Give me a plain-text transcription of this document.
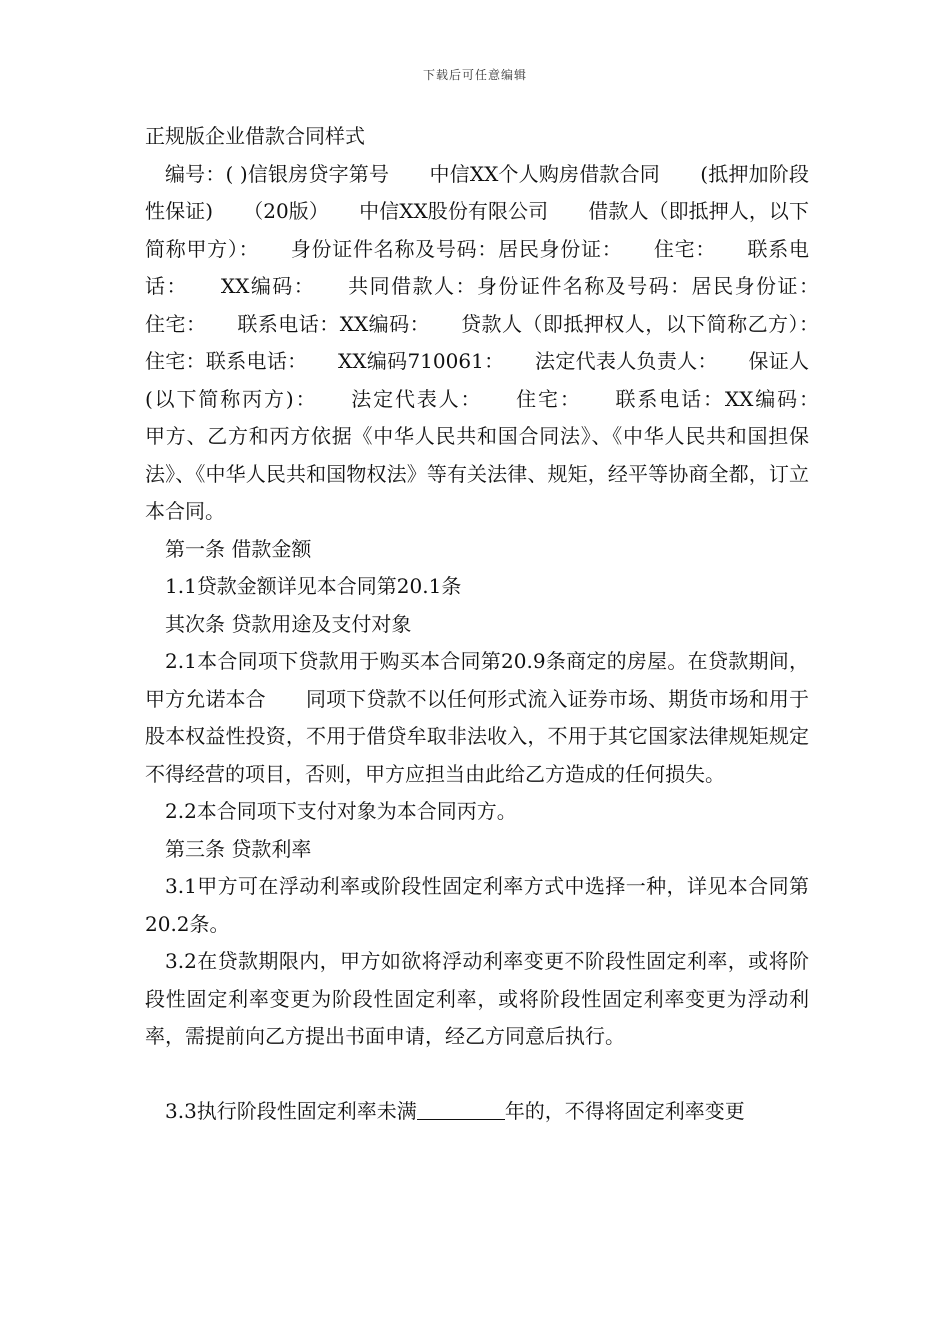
下载后可任意编辑

正规版企业借款合同样式

编号：( )信银房贷字第号　　中信XX个人购房借款合同　　(抵押加阶段性保证)　　（20版）　　中信XX股份有限公司　　借款人（即抵押人，以下简称甲方）：　　身份证件名称及号码：居民身份证：　　住宅：　　联系电话：　　XX编码：　　共同借款人：身份证件名称及号码：居民身份证：　　住宅：　　联系电话：XX编码：　　贷款人（即抵押权人，以下简称乙方）：　　住宅：联系电话：　　XX编码710061：　　法定代表人负责人：　　保证人(以下简称丙方)：　　法定代表人：　　住宅：　　联系电话：XX编码：　　甲方、乙方和丙方依据《中华人民共和国合同法》、《中华人民共和国担保法》、《中华人民共和国物权法》等有关法律、规矩，经平等协商全都，订立本合同。

第一条 借款金额

1.1贷款金额详见本合同第20.1条

其次条 贷款用途及支付对象

2.1本合同项下贷款用于购买本合同第20.9条商定的房屋。在贷款期间，甲方允诺本合　　同项下贷款不以任何形式流入证券市场、期货市场和用于股本权益性投资，不用于借贷牟取非法收入，不用于其它国家法律规矩规定不得经营的项目，否则，甲方应担当由此给乙方造成的任何损失。

2.2本合同项下支付对象为本合同丙方。

第三条 贷款利率

3.1甲方可在浮动利率或阶段性固定利率方式中选择一种，详见本合同第20.2条。

3.2在贷款期限内，甲方如欲将浮动利率变更不阶段性固定利率，或将阶段性固定利率变更为阶段性固定利率，或将阶段性固定利率变更为浮动利率，需提前向乙方提出书面申请，经乙方同意后执行。

3.3执行阶段性固定利率未满	年的，不得将固定利率变更
